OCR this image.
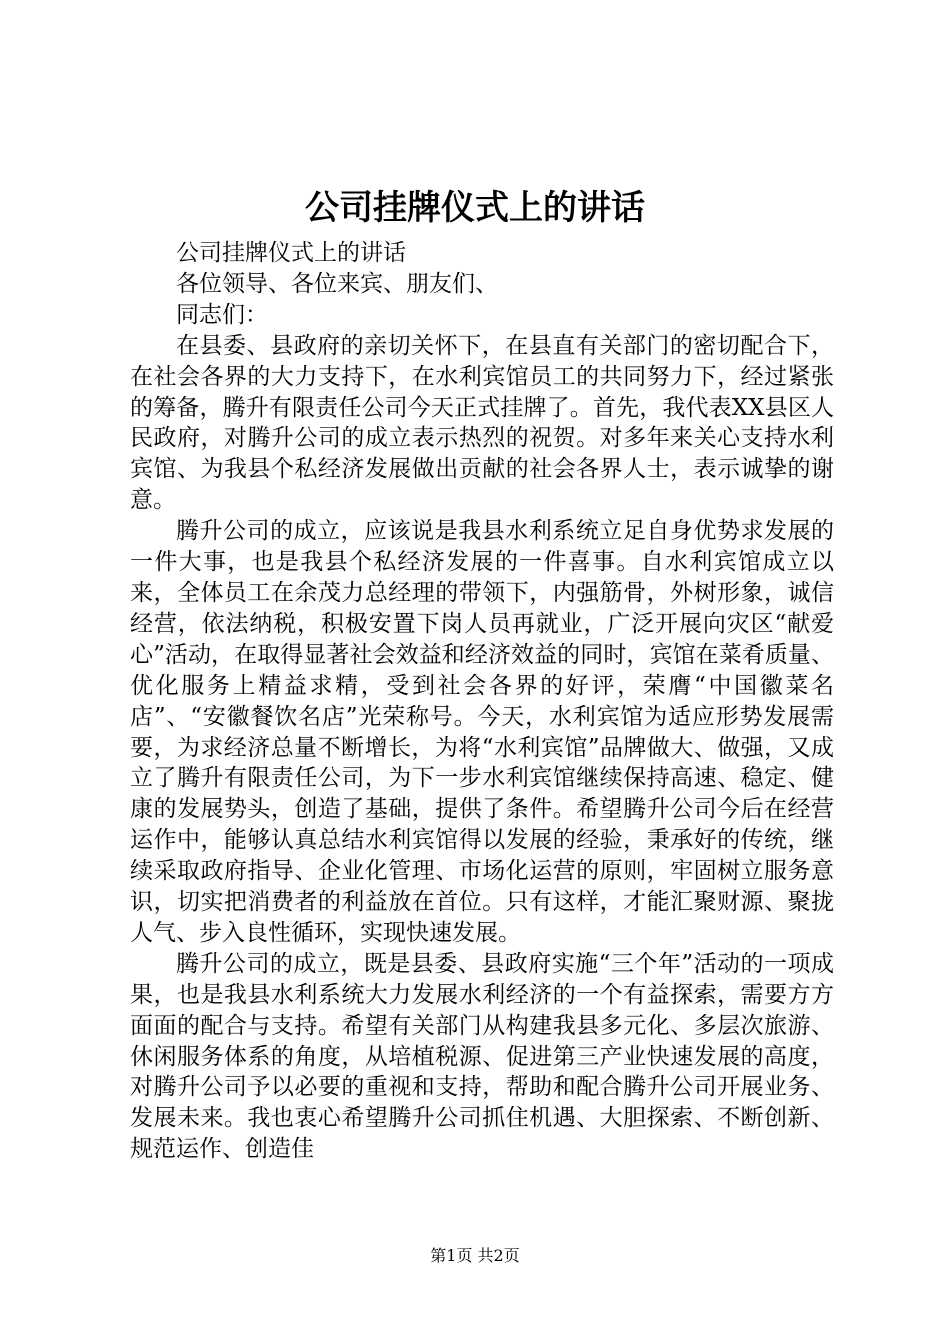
公司挂牌仪式上的讲话

公司挂牌仪式上的讲话

各位领导、各位来宾、朋友们、

同志们：

在县委、县政府的亲切关怀下，在县直有关部门的密切配合下，在社会各界的大力支持下，在水利宾馆员工的共同努力下，经过紧张的筹备，腾升有限责任公司今天正式挂牌了。首先，我代表XX县区人民政府，对腾升公司的成立表示热烈的祝贺。对多年来关心支持水利宾馆、为我县个私经济发展做出贡献的社会各界人士，表示诚挚的谢意。

腾升公司的成立，应该说是我县水利系统立足自身优势求发展的一件大事，也是我县个私经济发展的一件喜事。自水利宾馆成立以来，全体员工在余茂力总经理的带领下，内强筋骨，外树形象，诚信经营，依法纳税，积极安置下岗人员再就业，广泛开展向灾区“献爱心”活动，在取得显著社会效益和经济效益的同时，宾馆在菜肴质量、优化服务上精益求精，受到社会各界的好评，荣膺“中国徽菜名店”、“安徽餐饮名店”光荣称号。今天，水利宾馆为适应形势发展需要，为求经济总量不断增长，为将“水利宾馆”品牌做大、做强，又成立了腾升有限责任公司，为下一步水利宾馆继续保持高速、稳定、健康的发展势头，创造了基础，提供了条件。希望腾升公司今后在经营运作中，能够认真总结水利宾馆得以发展的经验，秉承好的传统，继续采取政府指导、企业化管理、市场化运营的原则，牢固树立服务意识，切实把消费者的利益放在首位。只有这样，才能汇聚财源、聚拢人气、步入良性循环，实现快速发展。

腾升公司的成立，既是县委、县政府实施“三个年”活动的一项成果，也是我县水利系统大力发展水利经济的一个有益探索，需要方方面面的配合与支持。希望有关部门从构建我县多元化、多层次旅游、休闲服务体系的角度，从培植税源、促进第三产业快速发展的高度，对腾升公司予以必要的重视和支持，帮助和配合腾升公司开展业务、发展未来。我也衷心希望腾升公司抓住机遇、大胆探索、不断创新、规范运作、创造佳

第1页 共2页
